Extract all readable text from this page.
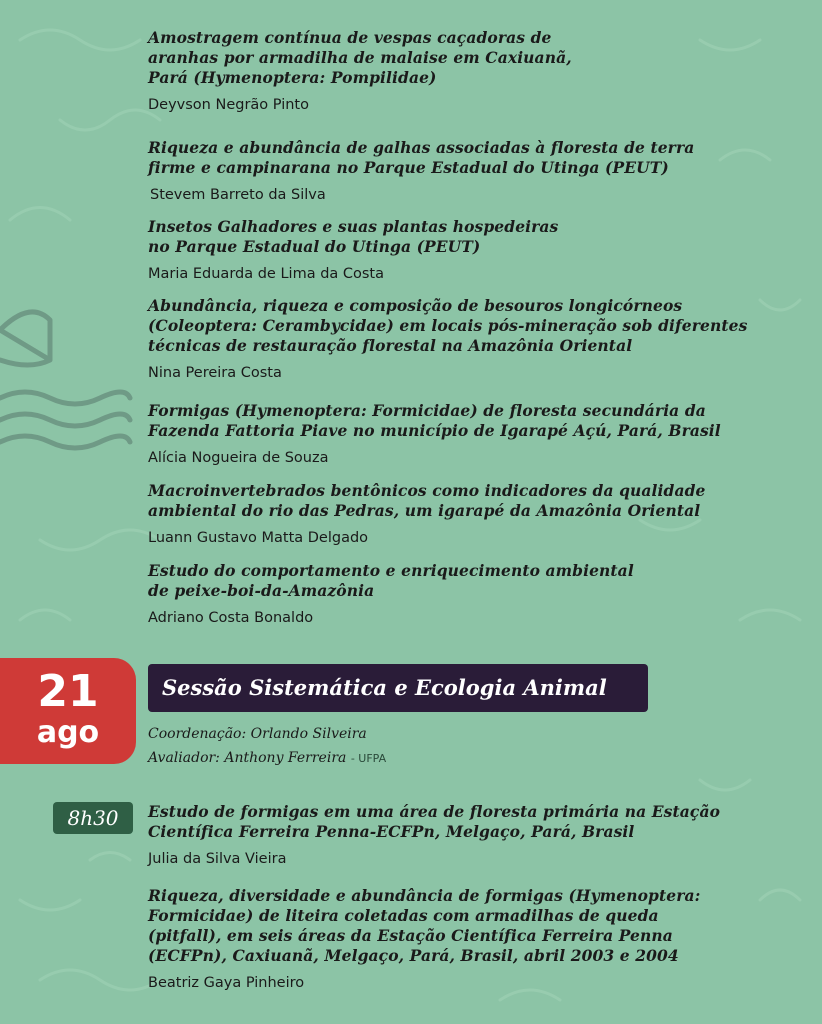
Amostragem contínua de vespas caçadoras de
aranhas por armadilha de malaise em Caxiuanã,
Pará (Hymenoptera: Pompilidae)
Deyvson Negrão Pinto
Riqueza e abundância de galhas associadas à floresta de terra
firme e campinarana no Parque Estadual do Utinga (PEUT)
Stevem Barreto da Silva
Insetos Galhadores e suas plantas hospedeiras
no Parque Estadual do Utinga (PEUT)
Maria Eduarda de Lima da Costa
Abundância, riqueza e composição de besouros longicórneos
(Coleoptera: Cerambycidae) em locais pós-mineração sob diferentes
técnicas de restauração florestal na Amazônia Oriental
Nina Pereira Costa
Formigas (Hymenoptera: Formicidae) de floresta secundária da
Fazenda Fattoria Piave no município de Igarapé Açú, Pará, Brasil
Alícia Nogueira de Souza
Macroinvertebrados bentônicos como indicadores da qualidade
ambiental do rio das Pedras, um igarapé da Amazônia Oriental
Luann Gustavo Matta Delgado
Estudo do comportamento e enriquecimento ambiental
de peixe-boi-da-Amazônia
Adriano Costa Bonaldo
21
ago
Sessão Sistemática e Ecologia Animal
Coordenação: Orlando Silveira
Avaliador: Anthony Ferreira - UFPA
8h30	Estudo de formigas em uma área de floresta primária na Estação
Científica Ferreira Penna-ECFPn, Melgaço, Pará, Brasil
Julia da Silva Vieira
Riqueza, diversidade e abundância de formigas (Hymenoptera:
Formicidae) de liteira coletadas com armadilhas de queda
(pitfall), em seis áreas da Estação Científica Ferreira Penna
(ECFPn), Caxiuanã, Melgaço, Pará, Brasil, abril 2003 e 2004
Beatriz Gaya Pinheiro
